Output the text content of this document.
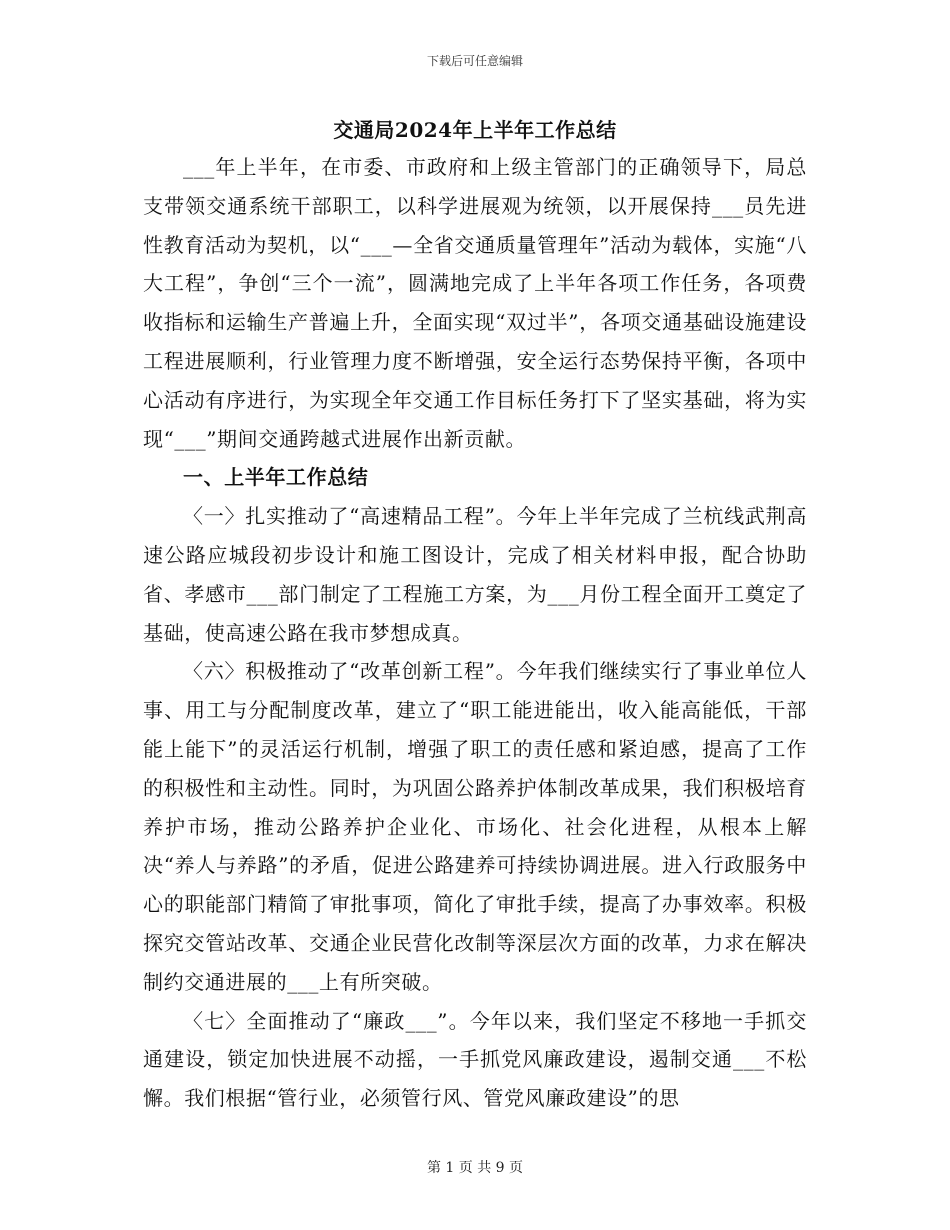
下载后可任意编辑
交通局2024年上半年工作总结

___年上半年，在市委、市政府和上级主管部门的正确领导下，局总支带领交通系统干部职工，以科学进展观为统领，以开展保持___员先进性教育活动为契机，以“___—全省交通质量管理年”活动为载体，实施“八大工程”，争创“三个一流”，圆满地完成了上半年各项工作任务，各项费收指标和运输生产普遍上升，全面实现“双过半”，各项交通基础设施建设工程进展顺利，行业管理力度不断增强，安全运行态势保持平衡，各项中心活动有序进行，为实现全年交通工作目标任务打下了坚实基础，将为实现“___”期间交通跨越式进展作出新贡献。

一、上半年工作总结

〈一〉扎实推动了“高速精品工程”。今年上半年完成了兰杭线武荆高速公路应城段初步设计和施工图设计，完成了相关材料申报，配合协助省、孝感市___部门制定了工程施工方案，为___月份工程全面开工奠定了基础，使高速公路在我市梦想成真。

〈六〉积极推动了“改革创新工程”。今年我们继续实行了事业单位人事、用工与分配制度改革，建立了“职工能进能出，收入能高能低，干部能上能下”的灵活运行机制，增强了职工的责任感和紧迫感，提高了工作的积极性和主动性。同时，为巩固公路养护体制改革成果，我们积极培育养护市场，推动公路养护企业化、市场化、社会化进程，从根本上解决“养人与养路”的矛盾，促进公路建养可持续协调进展。进入行政服务中心的职能部门精简了审批事项，简化了审批手续，提高了办事效率。积极探究交管站改革、交通企业民营化改制等深层次方面的改革，力求在解决制约交通进展的___上有所突破。

〈七〉全面推动了“廉政___”。今年以来，我们坚定不移地一手抓交通建设，锁定加快进展不动摇，一手抓党风廉政建设，遏制交通___不松懈。我们根据“管行业，必须管行风、管党风廉政建设”的思

第 1 页 共 9 页
